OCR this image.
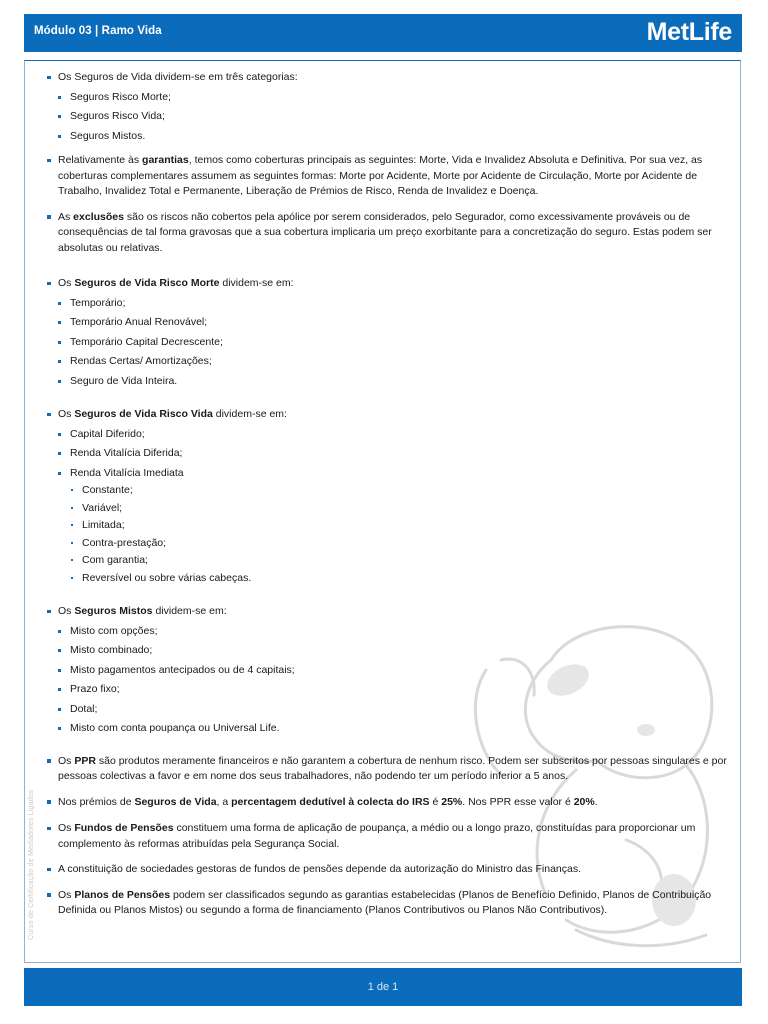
Módulo 03 | Ramo Vida	MetLife
Curso de Certificação de Mediadores Ligados

Os Seguros de Vida dividem-se em três categorias:

Seguros Risco Morte;

Seguros Risco Vida;

Seguros Mistos.

Relativamente às garantias, temos como coberturas principais as seguintes: Morte, Vida e Invalidez Absoluta e Definitiva. Por sua vez, as coberturas complementares assumem as seguintes formas: Morte por Acidente, Morte por Acidente de Circulação, Morte por Acidente de Trabalho, Invalidez Total e Permanente, Liberação de Prémios de Risco, Renda de Invalidez e Doença.

As exclusões são os riscos não cobertos pela apólice por serem considerados, pelo Segurador, como excessivamente prováveis ou de consequências de tal forma gravosas que a sua cobertura implicaria um preço exorbitante para a concretização do seguro. Estas podem ser absolutas ou relativas.

Os Seguros de Vida Risco Morte dividem-se em:

Temporário;

Temporário Anual Renovável;

Temporário Capital Decrescente;

Rendas Certas/ Amortizações;

Seguro de Vida Inteira.

Os Seguros de Vida Risco Vida dividem-se em:

Capital Diferido;

Renda Vitalícia Diferida;

Renda Vitalícia Imediata

Constante;

Variável;

Limitada;

Contra-prestação;

Com garantia;

Reversível ou sobre várias cabeças.

Os Seguros Mistos dividem-se em:

Misto com opções;

Misto combinado;

Misto pagamentos antecipados ou de 4 capitais;

Prazo fixo;

Dotal;

Misto com conta poupança ou Universal Life.

Os PPR são produtos meramente financeiros e não garantem a cobertura de nenhum risco. Podem ser subscritos por pessoas singulares e por pessoas colectivas a favor e em nome dos seus trabalhadores, não podendo ter um período inferior a 5 anos.

Nos prémios de Seguros de Vida, a percentagem dedutível à colecta do IRS é 25%. Nos PPR esse valor é 20%.

Os Fundos de Pensões constituem uma forma de aplicação de poupança, a médio ou a longo prazo, constituídas para proporcionar um complemento às reformas atribuídas pela Segurança Social.

A constituição de sociedades gestoras de fundos de pensões depende da autorização do Ministro das Finanças.

Os Planos de Pensões podem ser classificados segundo as garantias estabelecidas (Planos de Benefício Definido, Planos de Contribuição Definida ou Planos Mistos) ou segundo a forma de financiamento (Planos Contributivos ou Planos Não Contributivos).

1 de 1
